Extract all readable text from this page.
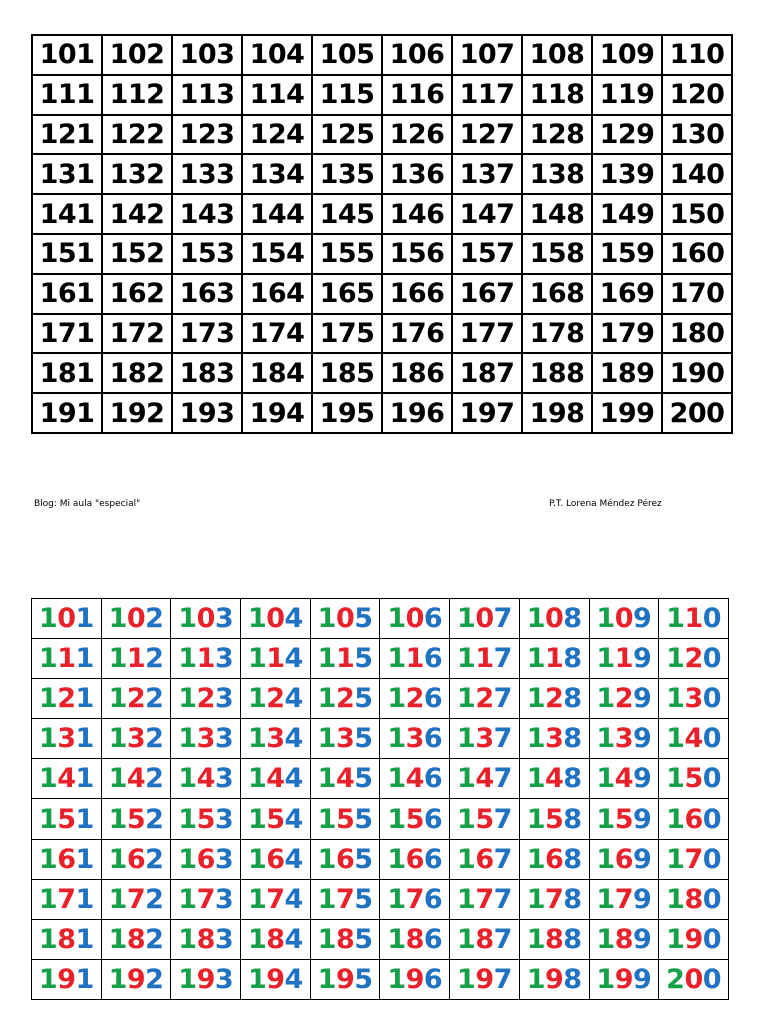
101	102	103	104	105	106	107	108	109	110
111	112	113	114	115	116	117	118	119	120
121	122	123	124	125	126	127	128	129	130
131	132	133	134	135	136	137	138	139	140
141	142	143	144	145	146	147	148	149	150
151	152	153	154	155	156	157	158	159	160
161	162	163	164	165	166	167	168	169	170
171	172	173	174	175	176	177	178	179	180
181	182	183	184	185	186	187	188	189	190
191	192	193	194	195	196	197	198	199	200
Blog: Mi aula "especial"	P.T. Lorena Méndez Pérez
101	102	103	104	105	106	107	108	109	110
111	112	113	114	115	116	117	118	119	120
121	122	123	124	125	126	127	128	129	130
131	132	133	134	135	136	137	138	139	140
141	142	143	144	145	146	147	148	149	150
151	152	153	154	155	156	157	158	159	160
161	162	163	164	165	166	167	168	169	170
171	172	173	174	175	176	177	178	179	180
181	182	183	184	185	186	187	188	189	190
191	192	193	194	195	196	197	198	199	200
